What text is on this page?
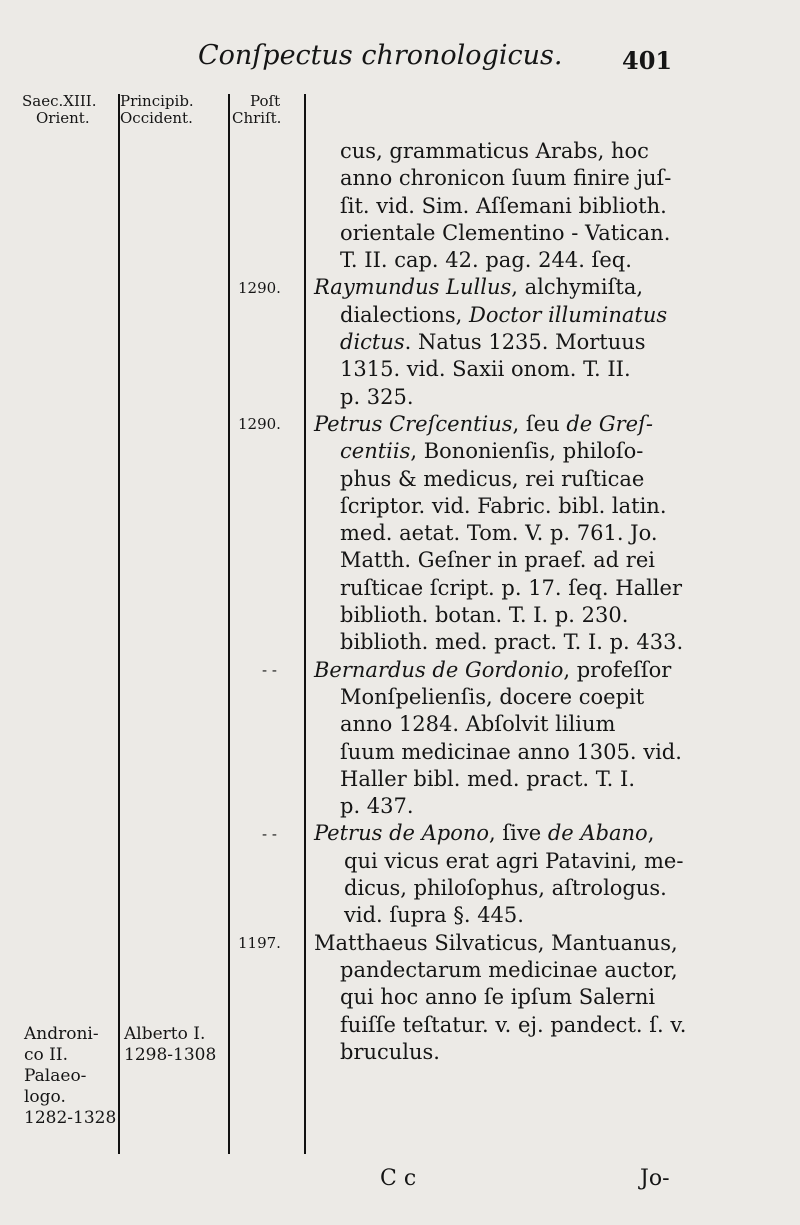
Conſpectus chronologicus. 401
Saec.XIII.
Orient.
Principib.
Occident.
Poſt
Chriſt.
Androni-
co II.
Palaeo-
logo.
1282-1328
Alberto I.
1298-1308
cus, grammaticus Arabs, hoc
anno chronicon ſuum finire juſ-
ſit. vid. Sim. Aſſemani biblioth.
orientale Clementino - Vatican.
T. II. cap. 42. pag. 244. ſeq.
Raymundus Lullus, alchymiſta,
dialections, Doctor illuminatus
dictus. Natus 1235. Mortuus
1315. vid. Saxii onom. T. II.
p. 325.
Petrus Creſcentius, ſeu de Greſ-
centiis, Bononienſis, philoſo-
phus & medicus, rei ruſticae
ſcriptor. vid. Fabric. bibl. latin.
med. aetat. Tom. V. p. 761. Jo.
Matth. Geſner in praef. ad rei
ruſticae ſcript. p. 17. ſeq. Haller
biblioth. botan. T. I. p. 230.
biblioth. med. pract. T. I. p. 433.
Bernardus de Gordonio, profeſſor
Monſpelienſis, docere coepit
anno 1284. Abſolvit lilium
ſuum medicinae anno 1305. vid.
Haller bibl. med. pract. T. I.
p. 437.
Petrus de Apono, ſive de Abano,
qui vicus erat agri Patavini, me-
dicus, philoſophus, aſtrologus.
vid. ſupra §. 445.
Matthaeus Silvaticus, Mantuanus,
pandectarum medicinae auctor,
qui hoc anno ſe ipſum Salerni
fuiſſe teſtatur. v. ej. pandect. ſ. v.
bruculus.
C c	Jo-
1290.
1290.
- -
- -
1197.
